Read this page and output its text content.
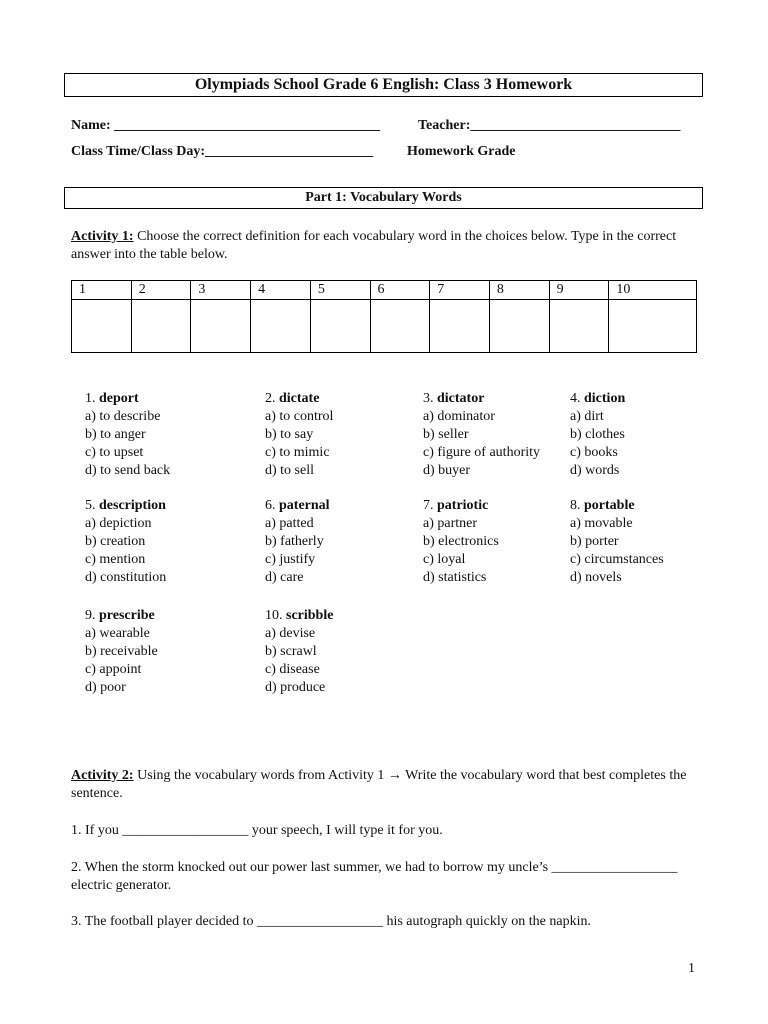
Olympiads School Grade 6 English: Class 3 Homework
Name: ______________________________________	Teacher:______________________________
Class Time/Class Day:________________________ Homework Grade
Part 1: Vocabulary Words
Activity 1: Choose the correct definition for each vocabulary word in the choices below. Type in the correct answer into the table below.
1	2	3	4	5	6	7	8	9	10

1. deport
a) to describe
b) to anger
c) to upset
d) to send back
2. dictate
a) to control
b) to say
c) to mimic
d) to sell
3. dictator
a) dominator
b) seller
c) figure of authority
d) buyer
4. diction
a) dirt
b) clothes
c) books
d) words
5. description
a) depiction
b) creation
c) mention
d) constitution
6. paternal
a) patted
b) fatherly
c) justify
d) care
7. patriotic
a) partner
b) electronics
c) loyal
d) statistics
8. portable
a) movable
b) porter
c) circumstances
d) novels
9. prescribe
a) wearable
b) receivable
c) appoint
d) poor
10. scribble
a) devise
b) scrawl
c) disease
d) produce
Activity 2: Using the vocabulary words from Activity 1 → Write the vocabulary word that best completes the sentence.
1. If you __________________ your speech, I will type it for you.
2. When the storm knocked out our power last summer, we had to borrow my uncle’s __________________ electric generator.
3. The football player decided to __________________ his autograph quickly on the napkin.
1
